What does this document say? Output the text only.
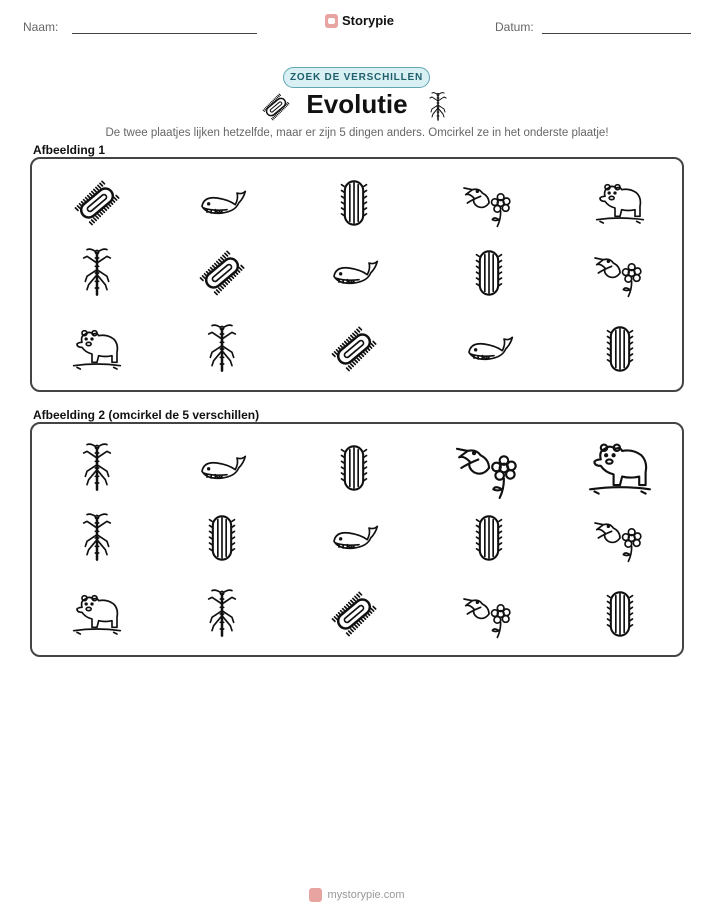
Naam:	Storypie	Datum:
ZOEK DE VERSCHILLEN
Evolutie
De twee plaatjes lijken hetzelfde, maar er zijn 5 dingen anders. Omcirkel ze in het onderste plaatje!
Afbeelding 1
Afbeelding 2 (omcirkel de 5 verschillen)
mystorypie.com
